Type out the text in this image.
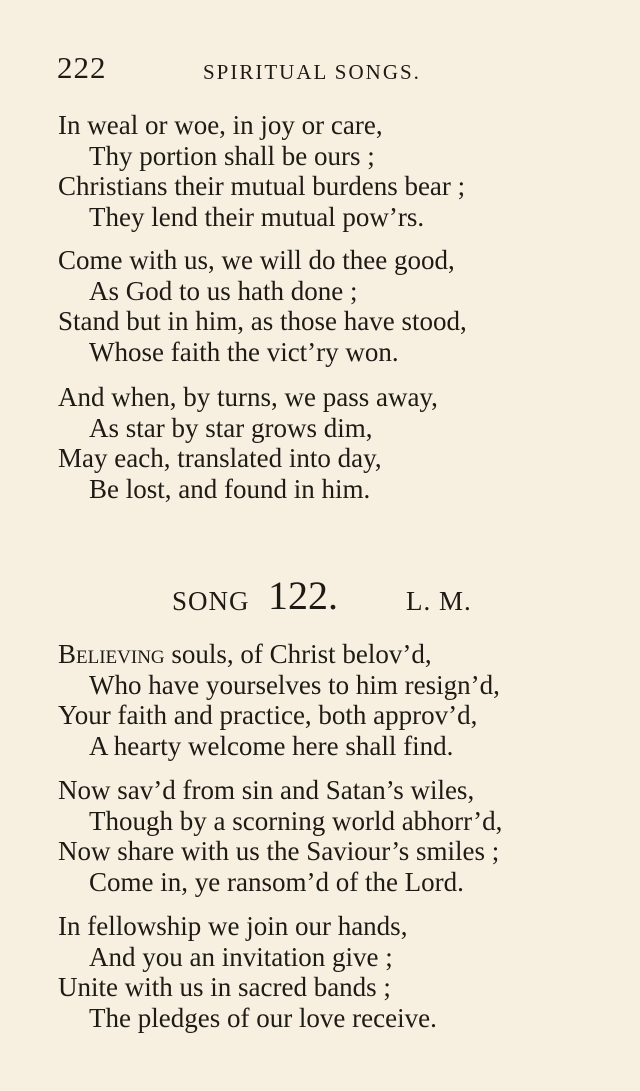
222	SPIRITUAL SONGS.
In weal or woe, in joy or care,
Thy portion shall be ours ;
Christians their mutual burdens bear ;
They lend their mutual pow’rs.
Come with us, we will do thee good,
As God to us hath done ;
Stand but in him, as those have stood,
Whose faith the vict’ry won.
And when, by turns, we pass away,
As star by star grows dim,
May each, translated into day,
Be lost, and found in him.
SONG 122.	L. M.
Believing souls, of Christ belov’d,
Who have yourselves to him resign’d,
Your faith and practice, both approv’d,
A hearty welcome here shall find.
Now sav’d from sin and Satan’s wiles,
Though by a scorning world abhorr’d,
Now share with us the Saviour’s smiles ;
Come in, ye ransom’d of the Lord.
In fellowship we join our hands,
And you an invitation give ;
Unite with us in sacred bands ;
The pledges of our love receive.
